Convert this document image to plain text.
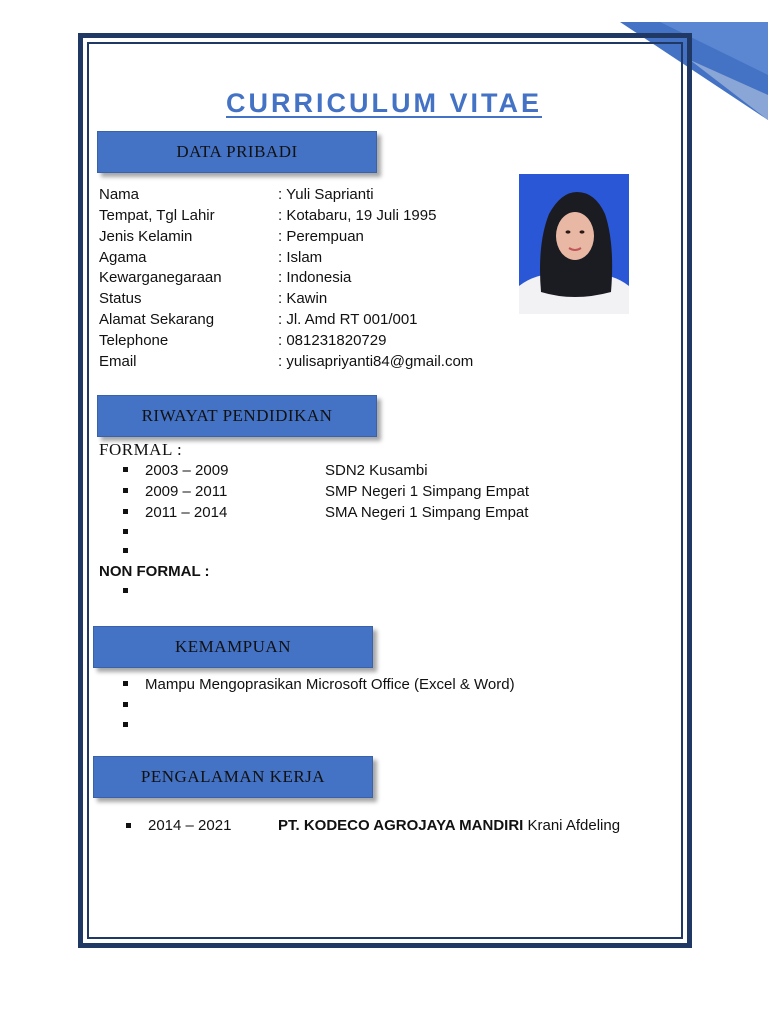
CURRICULUM VITAE
DATA PRIBADI
Nama	: Yuli Saprianti
Tempat, Tgl Lahir	: Kotabaru, 19 Juli 1995
Jenis Kelamin	: Perempuan
Agama	: Islam
Kewarganegaraan	: Indonesia
Status	: Kawin
Alamat Sekarang	: Jl. Amd RT 001/001
Telephone	: 081231820729
Email	: yulisapriyanti84@gmail.com
RIWAYAT PENDIDIKAN
FORMAL :
2003 – 2009	SDN2 Kusambi
2009 – 2011	SMP Negeri 1 Simpang Empat
2011 – 2014	SMA Negeri 1 Simpang Empat
NON FORMAL :
KEMAMPUAN
Mampu Mengoprasikan Microsoft Office (Excel & Word)
PENGALAMAN KERJA
2014 – 2021	PT. KODECO AGROJAYA MANDIRI Krani Afdeling
